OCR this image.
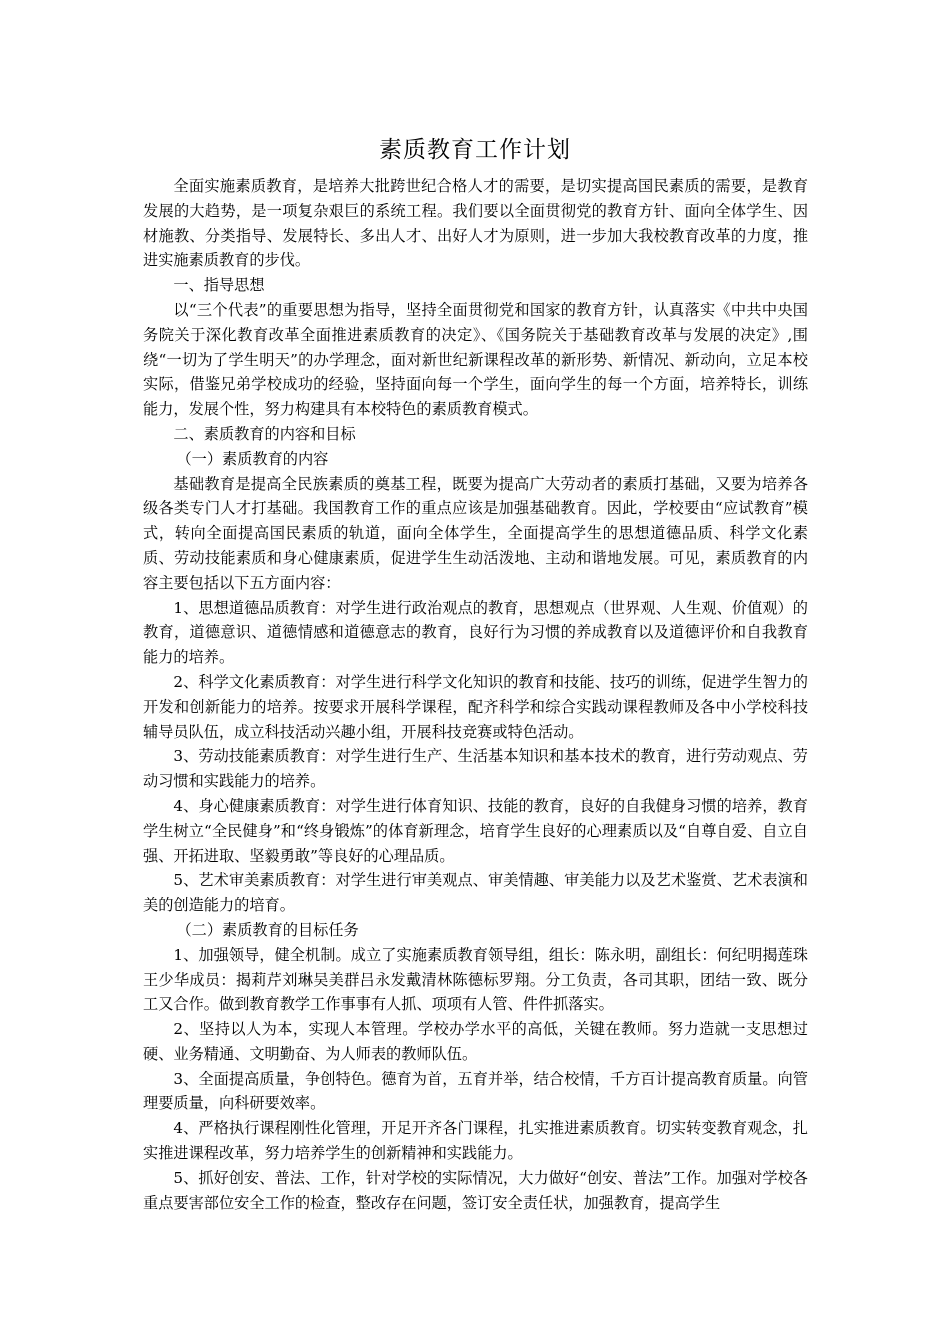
素质教育工作计划

全面实施素质教育，是培养大批跨世纪合格人才的需要，是切实提高国民素质的需要，是教育发展的大趋势，是一项复杂艰巨的系统工程。我们要以全面贯彻党的教育方针、面向全体学生、因材施教、分类指导、发展特长、多出人才、出好人才为原则，进一步加大我校教育改革的力度，推进实施素质教育的步伐。

一、指导思想

以“三个代表”的重要思想为指导，坚持全面贯彻党和国家的教育方针，认真落实《中共中央国务院关于深化教育改革全面推进素质教育的决定》、《国务院关于基础教育改革与发展的决定》,围绕“一切为了学生明天”的办学理念，面对新世纪新课程改革的新形势、新情况、新动向，立足本校实际，借鉴兄弟学校成功的经验，坚持面向每一个学生，面向学生的每一个方面，培养特长，训练能力，发展个性，努力构建具有本校特色的素质教育模式。

二、素质教育的内容和目标

（一）素质教育的内容

基础教育是提高全民族素质的奠基工程，既要为提高广大劳动者的素质打基础，又要为培养各级各类专门人才打基础。我国教育工作的重点应该是加强基础教育。因此，学校要由“应试教育”模式，转向全面提高国民素质的轨道，面向全体学生，全面提高学生的思想道德品质、科学文化素质、劳动技能素质和身心健康素质，促进学生生动活泼地、主动和谐地发展。可见，素质教育的内容主要包括以下五方面内容：

1、思想道德品质教育：对学生进行政治观点的教育，思想观点（世界观、人生观、价值观）的教育，道德意识、道德情感和道德意志的教育，良好行为习惯的养成教育以及道德评价和自我教育能力的培养。

2、科学文化素质教育：对学生进行科学文化知识的教育和技能、技巧的训练，促进学生智力的开发和创新能力的培养。按要求开展科学课程，配齐科学和综合实践动课程教师及各中小学校科技辅导员队伍，成立科技活动兴趣小组，开展科技竞赛或特色活动。

3、劳动技能素质教育：对学生进行生产、生活基本知识和基本技术的教育，进行劳动观点、劳动习惯和实践能力的培养。

4、身心健康素质教育：对学生进行体育知识、技能的教育，良好的自我健身习惯的培养，教育学生树立“全民健身”和“终身锻炼”的体育新理念，培育学生良好的心理素质以及“自尊自爱、自立自强、开拓进取、坚毅勇敢”等良好的心理品质。

5、艺术审美素质教育：对学生进行审美观点、审美情趣、审美能力以及艺术鉴赏、艺术表演和美的创造能力的培育。

（二）素质教育的目标任务

1、加强领导，健全机制。成立了实施素质教育领导组，组长：陈永明，副组长：何纪明揭莲珠王少华成员：揭莉芹刘琳吴美群吕永发戴清林陈德标罗翔。分工负责，各司其职，团结一致、既分工又合作。做到教育教学工作事事有人抓、项项有人管、件件抓落实。

2、坚持以人为本，实现人本管理。学校办学水平的高低，关键在教师。努力造就一支思想过硬、业务精通、文明勤奋、为人师表的教师队伍。

3、全面提高质量，争创特色。德育为首，五育并举，结合校情，千方百计提高教育质量。向管理要质量，向科研要效率。

4、严格执行课程刚性化管理，开足开齐各门课程，扎实推进素质教育。切实转变教育观念，扎实推进课程改革，努力培养学生的创新精神和实践能力。

5、抓好创安、普法、工作，针对学校的实际情况，大力做好“创安、普法”工作。加强对学校各重点要害部位安全工作的检查，整改存在问题，签订安全责任状，加强教育，提高学生
